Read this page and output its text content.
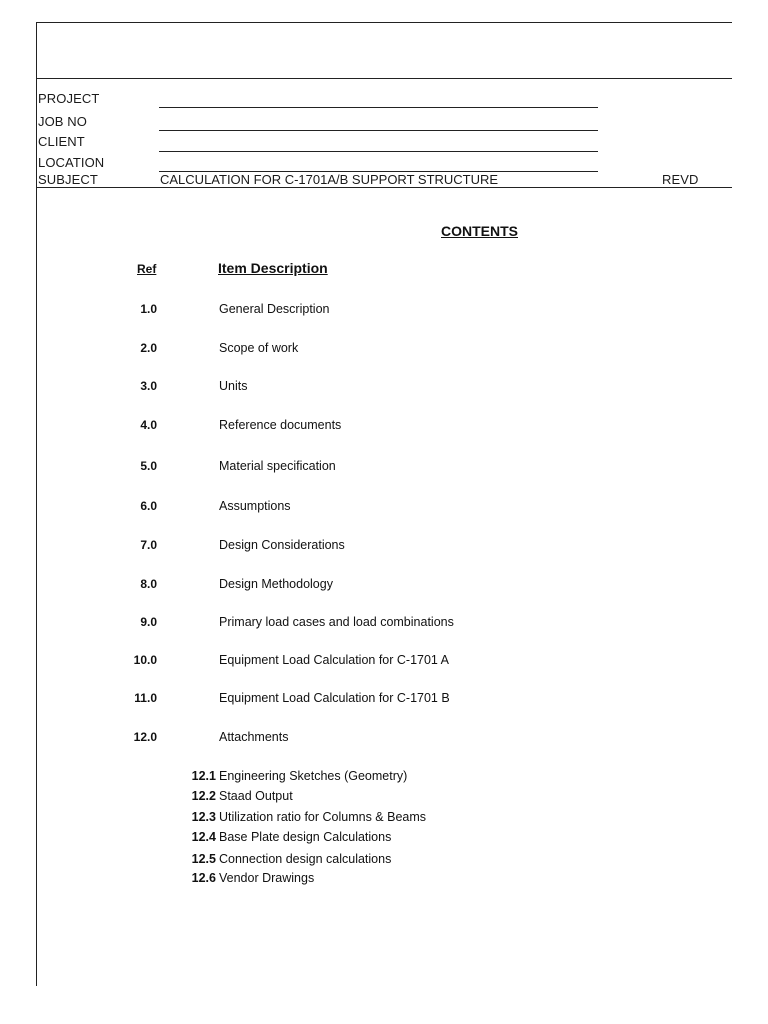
PROJECT
JOB NO
CLIENT
LOCATION
SUBJECT	CALCULATION FOR C-1701A/B SUPPORT STRUCTURE	REVD
CONTENTS
Ref	Item Description
1.0	General Description
2.0	Scope of work
3.0	Units
4.0	Reference documents
5.0	Material specification
6.0	Assumptions
7.0	Design Considerations
8.0	Design Methodology
9.0	Primary load cases and load combinations
10.0	Equipment Load Calculation for C-1701 A
11.0	Equipment Load Calculation for C-1701 B
12.0	Attachments
12.1 Engineering Sketches (Geometry)
12.2 Staad Output
12.3 Utilization ratio for Columns & Beams
12.4 Base Plate design Calculations
12.5 Connection design calculations
12.6 Vendor Drawings
